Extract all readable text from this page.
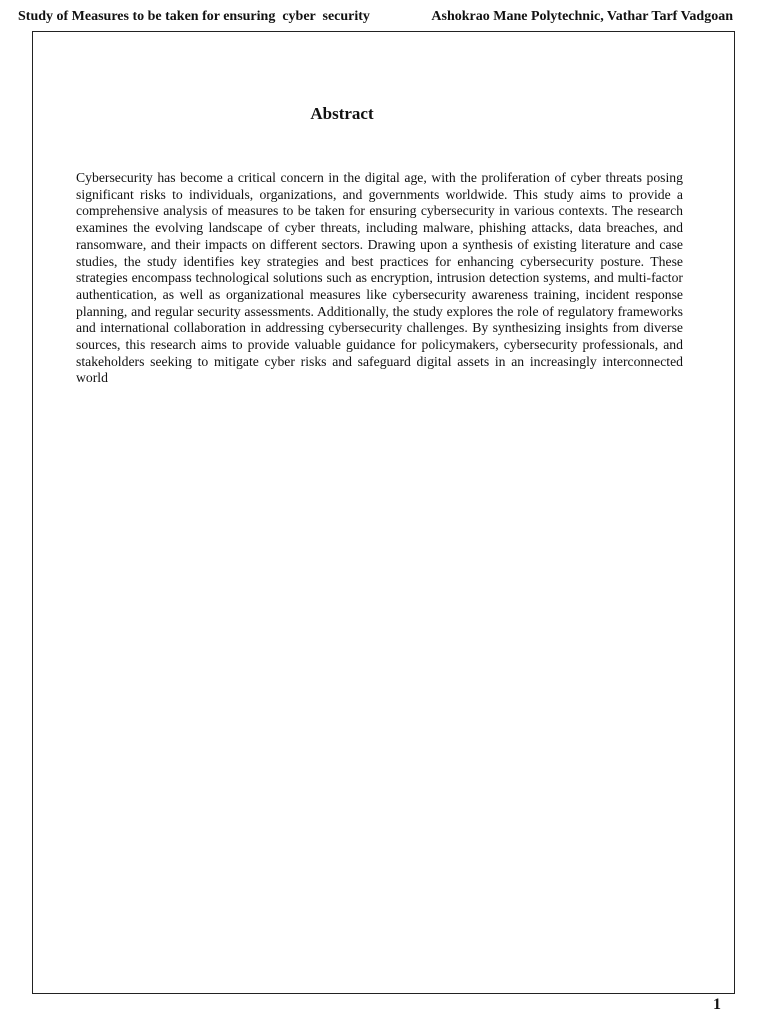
Study of Measures to be taken for ensuring  cyber  security	Ashokrao Mane Polytechnic, Vathar Tarf Vadgoan
Abstract

Cybersecurity has become a critical concern in the digital age, with the proliferation of cyber threats posing significant risks to individuals, organizations, and governments worldwide. This study aims to provide a comprehensive analysis of measures to be taken for ensuring cybersecurity in various contexts. The research examines the evolving landscape of cyber threats, including malware, phishing attacks, data breaches, and ransomware, and their impacts on different sectors. Drawing upon a synthesis of existing literature and case studies, the study identifies key strategies and best practices for enhancing cybersecurity posture. These strategies encompass technological solutions such as encryption, intrusion detection systems, and multi-factor authentication, as well as organizational measures like cybersecurity awareness training, incident response planning, and regular security assessments. Additionally, the study explores the role of regulatory frameworks and international collaboration in addressing cybersecurity challenges. By synthesizing insights from diverse sources, this research aims to provide valuable guidance for policymakers, cybersecurity professionals, and stakeholders seeking to mitigate cyber risks and safeguard digital assets in an increasingly interconnected world

1
